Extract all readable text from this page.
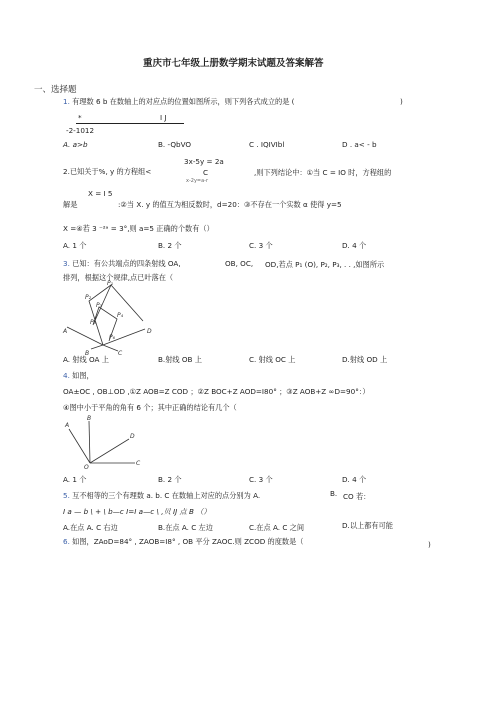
重庆市七年级上册数学期末试题及答案解答
一、选择题
1. 有理数 6 b 在数轴上的对应点的位置如图所示，则下列各式成立的是 (	)
*	I J
-2-1012
A. a>b	B. -QbVO	C . IQIVIbl	D . a< - b
3x-5y = 2a
2.已知关于%, y 的方程组<	C	,则下列结论中：①当 C = IO 时，方程组的
x-2y=a-r
X = I 5
解是	:②当 X. y 的值互为相反数时，d=20：③不存在一个实数 α 使得 y=5
X =④若 3 ⁻²ᵃ = 3°,则 a=5 正确的个数有（）
A. 1 个	B. 2 个	C. 3 个	D. 4 个
3. 已知：有公共端点的四条射线 OA,	OB, OC, OD,若点 P₁ (O), P₂, P₃, . . ,如图所示
排列，根据这个规律,点已叶落在（
P₁
P₂
P₃
P₄
P₅
P₆
A
B	C
D
A. 射线 OA 上	B.射线 OB 上	C. 射线 OC 上	D.射线 OD 上
4. 如图，
OA±OC , OB⊥OD ,①Z AOB=Z COD ；②Z BOC+Z AOD=I80° ；③Z AOB+Z ∞D=90°：）
④图中小于平角的角有 6 个；其中正确的结论有几个（
A
B
C
D
O
A. 1 个	B. 2 个	C. 3 个	D. 4 个
5. 互不相等的三个有理数 a. b. C 在数轴上对应的点分别为 A.	B. CO 若：
I a — b \ + \ b—c I=I a—c \ ,贝 IJ 点 B （）
A.在点 A. C 右边	B.在点 A. C 左边	C.在点 A. C 之间	D.以上都有可能
6. 如图，ZAoD=84° , ZAOB=I8° , OB 平分 ZAOC.则 ZCOD 的度数是（	)
